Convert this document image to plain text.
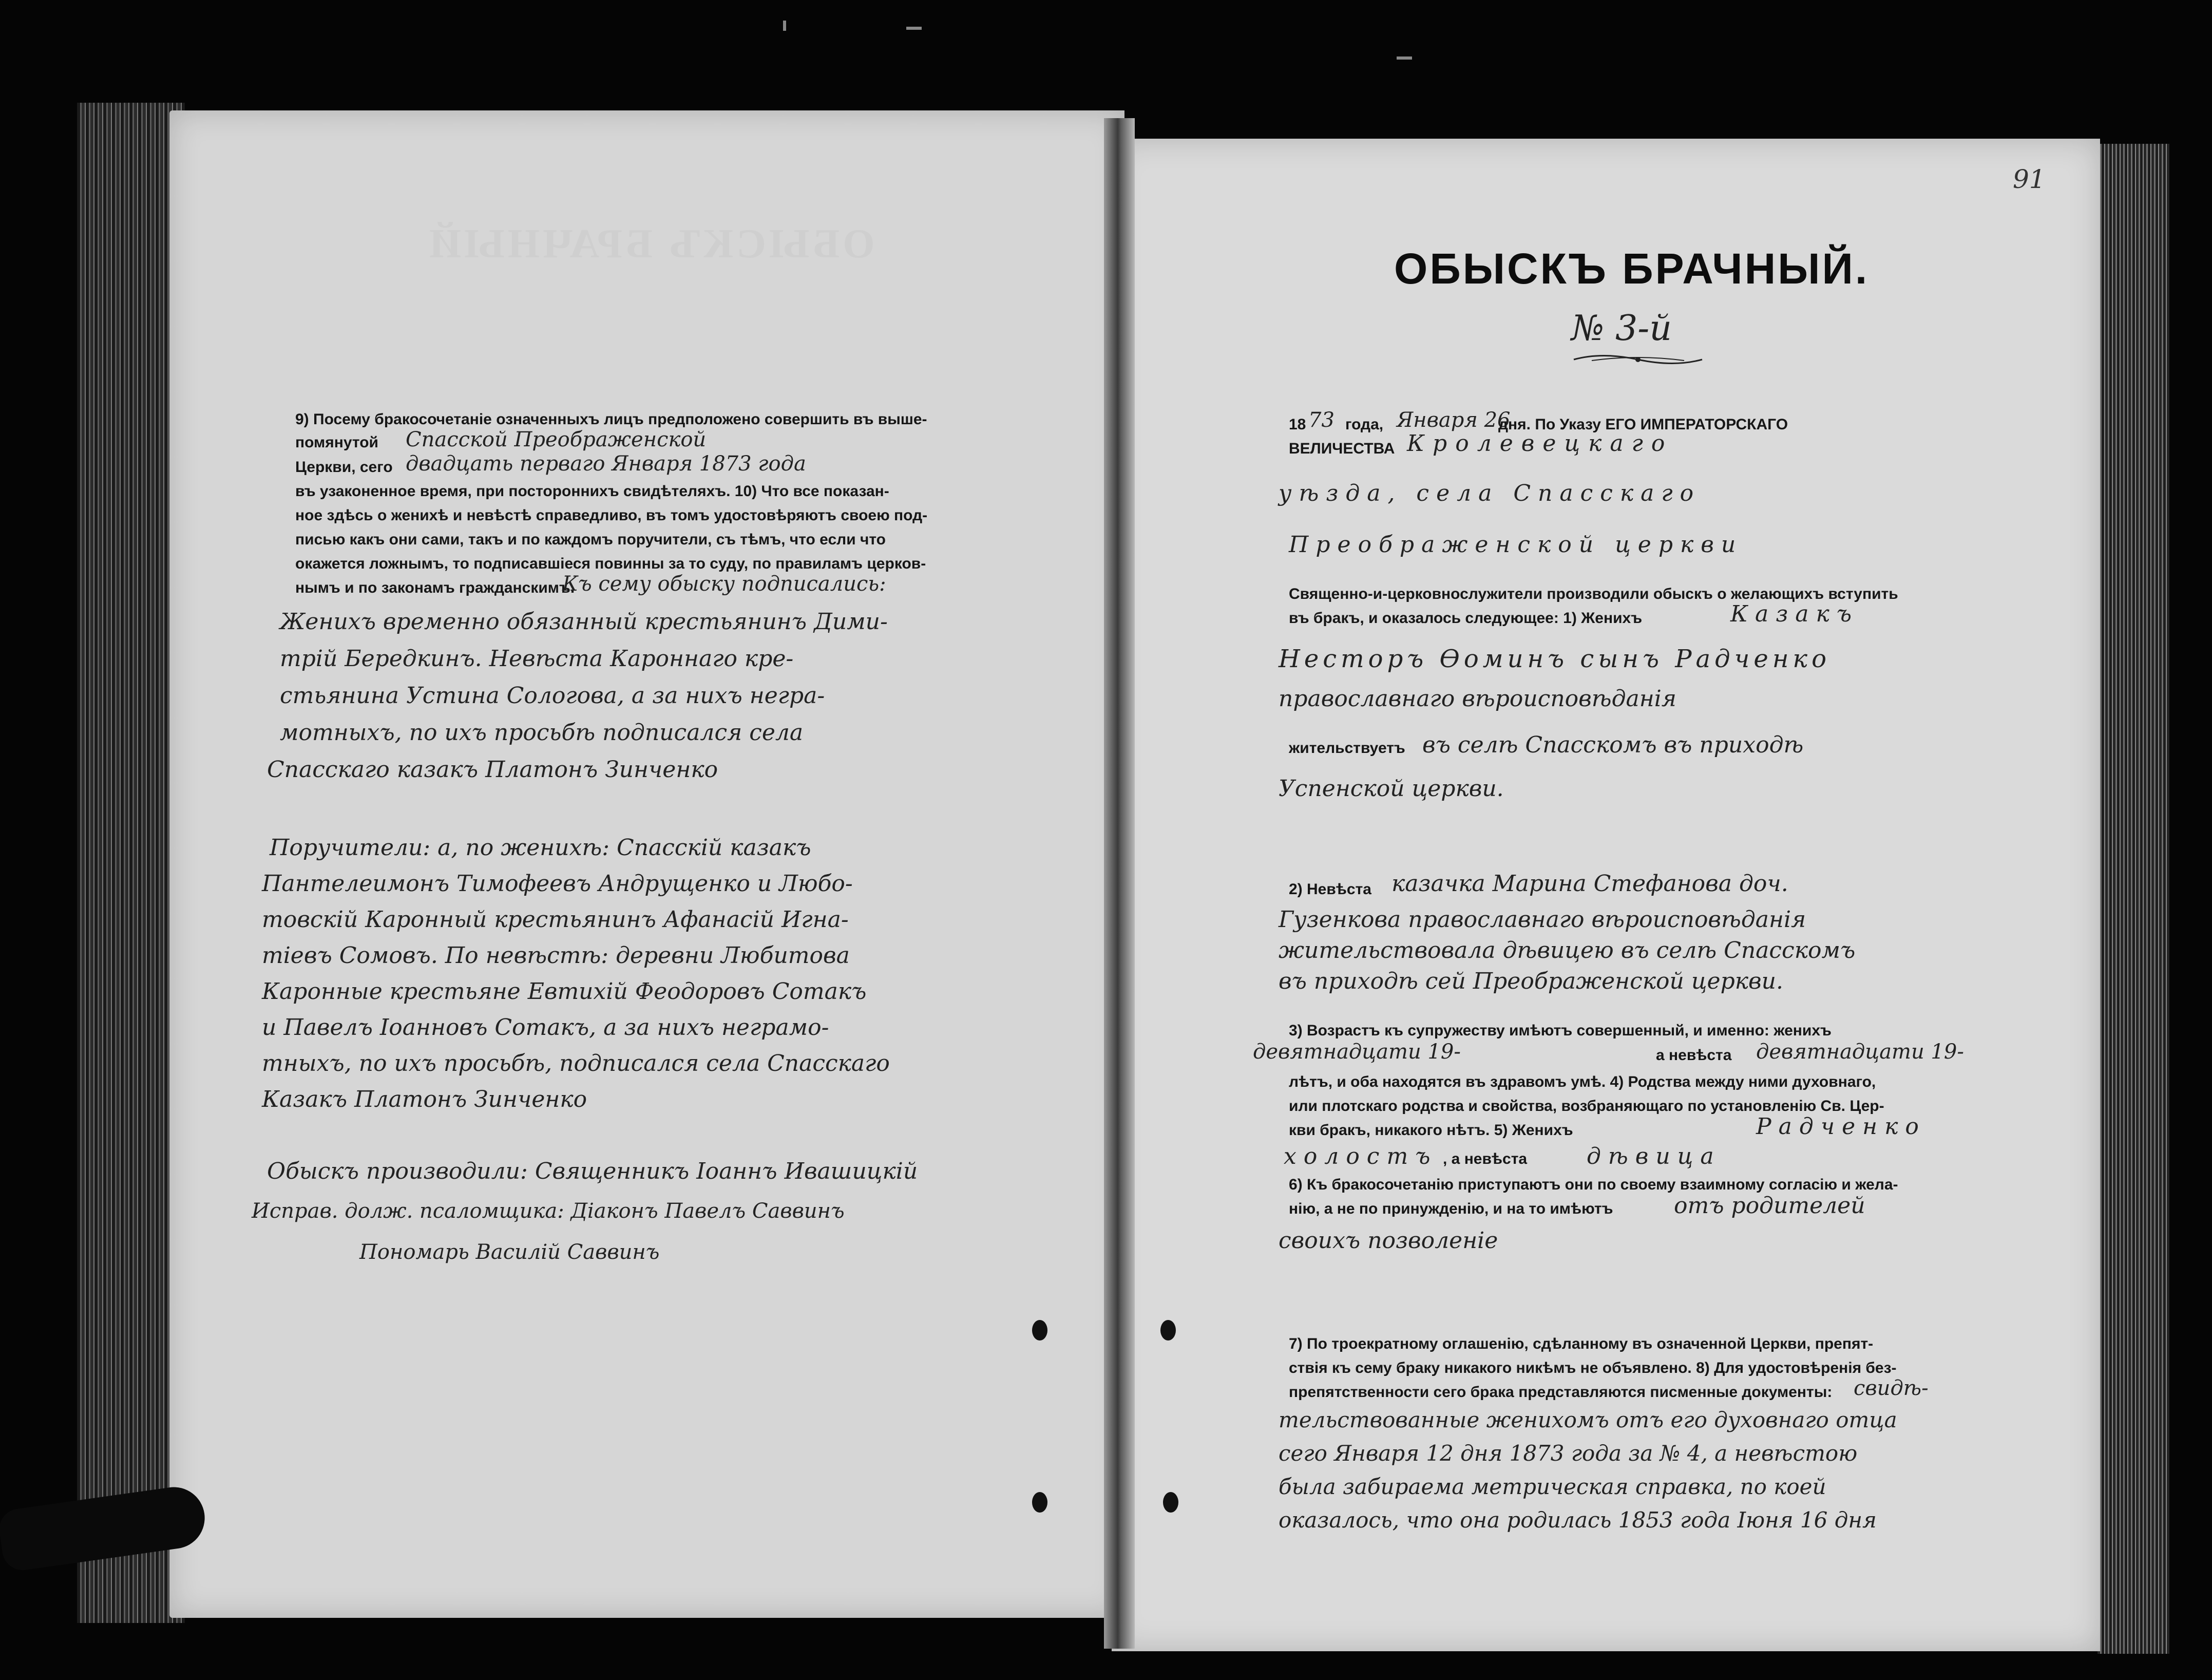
ОБЫСКЪ БРАЧНЫЙ
9) Посему бракосочетаніе означенныхъ лицъ предположено совершить въ выше-
помянутой Спасской Преображенской
Церкви, сего двадцать перваго Января 1873 года
въ узаконенное время, при постороннихъ свидѣтеляхъ. 10) Что все показан-
ное здѣсь о женихѣ и невѣстѣ справедливо, въ томъ удостовѣряютъ своею под-
писью какъ они сами, такъ и по каждомъ поручители, съ тѣмъ, что если что
окажется ложнымъ, то подписавшіеся повинны за то суду, по правиламъ церков-
нымъ и по законамъ гражданскимъ.
Къ сему обыску подписались:
Женихъ временно обязанный крестьянинъ Дими-
трій Бередкинъ. Невѣста Кароннаго кре-
стьянина Устина Сологова, а за нихъ негра-
мотныхъ, по ихъ просьбѣ подписался села
Спасскаго казакъ Платонъ Зинченко
Поручители: а, по женихѣ: Спасскій казакъ
Пантелеимонъ Тимофеевъ Андрущенко и Любо-
товскій Каронный крестьянинъ Афанасій Игна-
тіевъ Сомовъ. По невѣстѣ: деревни Любитова
Каронные крестьяне Евтихій Феодоровъ Сотакъ
и Павелъ Іоанновъ Сотакъ, а за нихъ неграмо-
тныхъ, по ихъ просьбѣ, подписался села Спасскаго
Казакъ Платонъ Зинченко
Обыскъ производили: Священникъ Іоаннъ Ивашицкій
Исправ. долж. псаломщика: Діаконъ Павелъ Саввинъ
Пономарь Василій Саввинъ
91
ОБЫСКЪ БРАЧНЫЙ.
№ 3-й
18 73 года, Января 26
дня. По Указу ЕГО ИМПЕРАТОРСКАГО
ВЕЛИЧЕСТВА Кролевецкаго
уѣзда, села Спасскаго
Преображенской церкви
Священно-и-церковнослужители производили обыскъ о желающихъ вступить
въ бракъ, и оказалось следующее: 1) Женихъ	Казакъ
Несторъ Ѳоминъ сынъ Радченко
православнаго вѣроисповѣданія
жительствуетъ въ селѣ Спасскомъ въ приходѣ
Успенской церкви.
2) Невѣста казачка Марина Стефанова доч.
Гузенкова православнаго вѣроисповѣданія
жительствовала дѣвицею въ селѣ Спасскомъ
въ приходѣ сей Преображенской церкви.
3) Возрастъ къ супружеству имѣютъ совершенный, и именно: женихъ
девятнадцати 19-	девятнадцати 19-
a невѣста
лѣтъ, и оба находятся въ здравомъ умѣ. 4) Родства между ними духовнаго,
или плотскаго родства и свойства, возбраняющаго по установленію Св. Цер-
кви бракъ, никакого нѣтъ. 5) Женихъ	Радченко
холостъ , а невѣста	дѣвица
6) Къ бракосочетанію приступаютъ они по своему взаимному согласію и жела-
нію, а не по принужденію, и на то имѣютъ	отъ родителей
своихъ позволеніе
7) По троекратному оглашенію, сдѣланному въ означенной Церкви, препят-
ствія къ сему браку никакого никѣмъ не объявлено. 8) Для удостовѣренія без-
препятственности сего брака представляются писменные документы: свидѣ-
тельствованные женихомъ отъ его духовнаго отца
сего Января 12 дня 1873 года за № 4, а невѣстою
была забираема метрическая справка, по коей
оказалось, что она родилась 1853 года Іюня 16 дня
